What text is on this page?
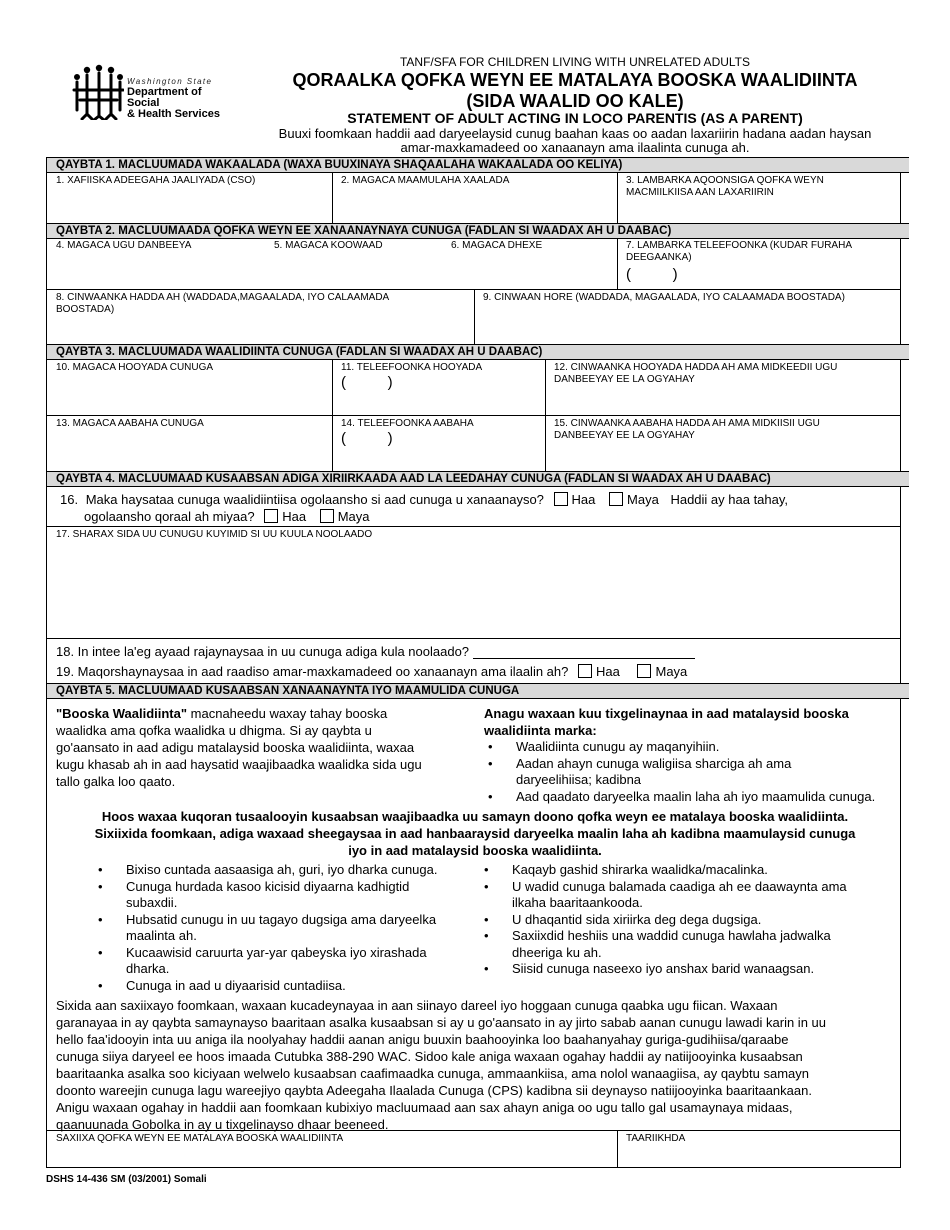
Washington State
Department of Social
& Health Services
TANF/SFA FOR CHILDREN LIVING WITH UNRELATED ADULTS
QORAALKA QOFKA WEYN EE MATALAYA BOOSKA WAALIDIINTA
(SIDA WAALID OO KALE)
STATEMENT OF ADULT ACTING IN LOCO PARENTIS (AS A PARENT)
Buuxi foomkaan haddii aad daryeelaysid cunug baahan kaas oo aadan laxariirin hadana aadan haysan
amar-maxkamadeed oo xanaanayn ama ilaalinta cunuga ah.
QAYBTA 1. MACLUUMADA WAKAALADA (WAXA BUUXINAYA SHAQAALAHA WAKAALADA OO KELIYA)
1. XAFIISKA ADEEGAHA JAALIYADA (CSO)	2. MAGACA MAAMULAHA XAALADA	3. LAMBARKA AQOONSIGA QOFKA WEYN
MACMIILKIISA AAN LAXARIIRIN
QAYBTA 2. MACLUUMAADA QOFKA WEYN EE XANAANAYNAYA CUNUGA (FADLAN SI WAADAX AH U DAABAC)
4. MAGACA UGU DANBEEYA	5. MAGACA KOOWAAD	6. MAGACA DHEXE	7. LAMBARKA TELEEFOONKA (KUDAR FURAHA
DEEGAANKA)
(          )
8. CINWAANKA HADDA AH (WADDADA,MAGAALADA, IYO CALAAMADA
BOOSTADA)
9. CINWAAN HORE (WADDADA, MAGAALADA, IYO CALAAMADA BOOSTADA)
QAYBTA 3. MACLUUMADA WAALIDIINTA CUNUGA (FADLAN SI WAADAX AH U DAABAC)
10. MAGACA HOOYADA CUNUGA	11. TELEEFOONKA HOOYADA
(          )
12. CINWAANKA HOOYADA HADDA AH AMA MIDKEEDII UGU
DANBEEYAY EE LA OGYAHAY
13. MAGACA AABAHA CUNUGA	14. TELEEFOONKA AABAHA
(          )
15. CINWAANKA AABAHA HADDA AH AMA MIDKIISII UGU
DANBEEYAY EE LA OGYAHAY
QAYBTA 4. MACLUUMAAD KUSAABSAN ADIGA XIRIIRKAADA AAD LA LEEDAHAY CUNUGA (FADLAN SI WAADAX AH U DAABAC)
16. Maka haysataa cunuga waalidiintiisa ogolaansho si aad cunuga u xanaanayso? Haa Maya Haddii ay haa tahay,
ogolaansho qoraal ah miyaa? Haa Maya
17. SHARAX SIDA UU CUNUGU KUYIMID SI UU KUULA NOOLAADO
18. In intee la'eg ayaad rajaynaysaa in uu cunuga adiga kula noolaado?
19. Maqorshaynaysaa in aad raadiso amar-maxkamadeed oo xanaanayn ama ilaalin ah? Haa	Maya
QAYBTA 5. MACLUUMAAD KUSAABSAN XANAANAYNTA IYO MAAMULIDA CUNUGA
"Booska Waalidiinta" macnaheedu waxay tahay booska
waalidka ama qofka waalidka u dhigma. Si ay qaybta u
go'aansato in aad adigu matalaysid booska waalidiinta, waxaa
kugu khasab ah in aad haysatid waajibaadka waalidka sida ugu
tallo galka loo qaato.
Anagu waxaan kuu tixgelinaynaa in aad matalaysid booska
waalidiinta marka:
• Waalidiinta cunugu ay maqanyihiin.
• Aadan ahayn cunuga waligiisa sharciga ah ama
daryeelihiisa; kadibna
• Aad qaadato daryeelka maalin laha ah iyo maamulida cunuga.
Hoos waxaa kuqoran tusaalooyin kusaabsan waajibaadka uu samayn doono qofka weyn ee matalaya booska waalidiinta.
Sixiixida foomkaan, adiga waxaad sheegaysaa in aad hanbaaraysid daryeelka maalin laha ah kadibna maamulaysid cunuga
iyo in aad matalaysid booska waalidiinta.
• Bixiso cuntada aasaasiga ah, guri, iyo dharka cunuga.
• Cunuga hurdada kasoo kicisid diyaarna kadhigtid
subaxdii.
• Hubsatid cunugu in uu tagayo dugsiga ama daryeelka
maalinta ah.
• Kucaawisid caruurta yar-yar qabeyska iyo xirashada
dharka.
• Cunuga in aad u diyaarisid cuntadiisa.
• Kaqayb gashid shirarka waalidka/macalinka.
• U wadid cunuga balamada caadiga ah ee daawaynta ama
ilkaha baaritaankooda.
• U dhaqantid sida xiriirka deg dega dugsiga.
• Saxiixdid heshiis una waddid cunuga hawlaha jadwalka
dheeriga ku ah.
• Siisid cunuga naseexo iyo anshax barid wanaagsan.
Sixida aan saxiixayo foomkaan, waxaan kucadeynayaa in aan siinayo dareel iyo hoggaan cunuga qaabka ugu fiican. Waxaan
garanayaa in ay qaybta samaynayso baaritaan asalka kusaabsan si ay u go'aansato in ay jirto sabab aanan cunugu lawadi karin in uu
hello faa'idooyin inta uu aniga ila noolyahay haddii aanan anigu buuxin baahooyinka loo baahanyahay guriga-gudihiisa/qaraabe
cunuga siiya daryeel ee hoos imaada Cutubka 388-290 WAC. Sidoo kale aniga waxaan ogahay haddii ay natiijooyinka kusaabsan
baaritaanka asalka soo kiciyaan welwelo kusaabsan caafimaadka cunuga, ammaankiisa, ama nolol wanaagiisa, ay qaybtu samayn
doonto wareejin cunuga lagu wareejiyo qaybta Adeegaha Ilaalada Cunuga (CPS) kadibna sii deynayso natiijooyinka baaritaankaan.
Anigu waxaan ogahay in haddii aan foomkaan kubixiyo macluumaad aan sax ahayn aniga oo ugu tallo gal usamaynaya midaas,
qaanuunada Gobolka in ay u tixgelinayso dhaar beeneed.
SAXIIXA QOFKA WEYN EE MATALAYA BOOSKA WAALIDIINTA	TAARIIKHDA
DSHS 14-436 SM (03/2001) Somali
